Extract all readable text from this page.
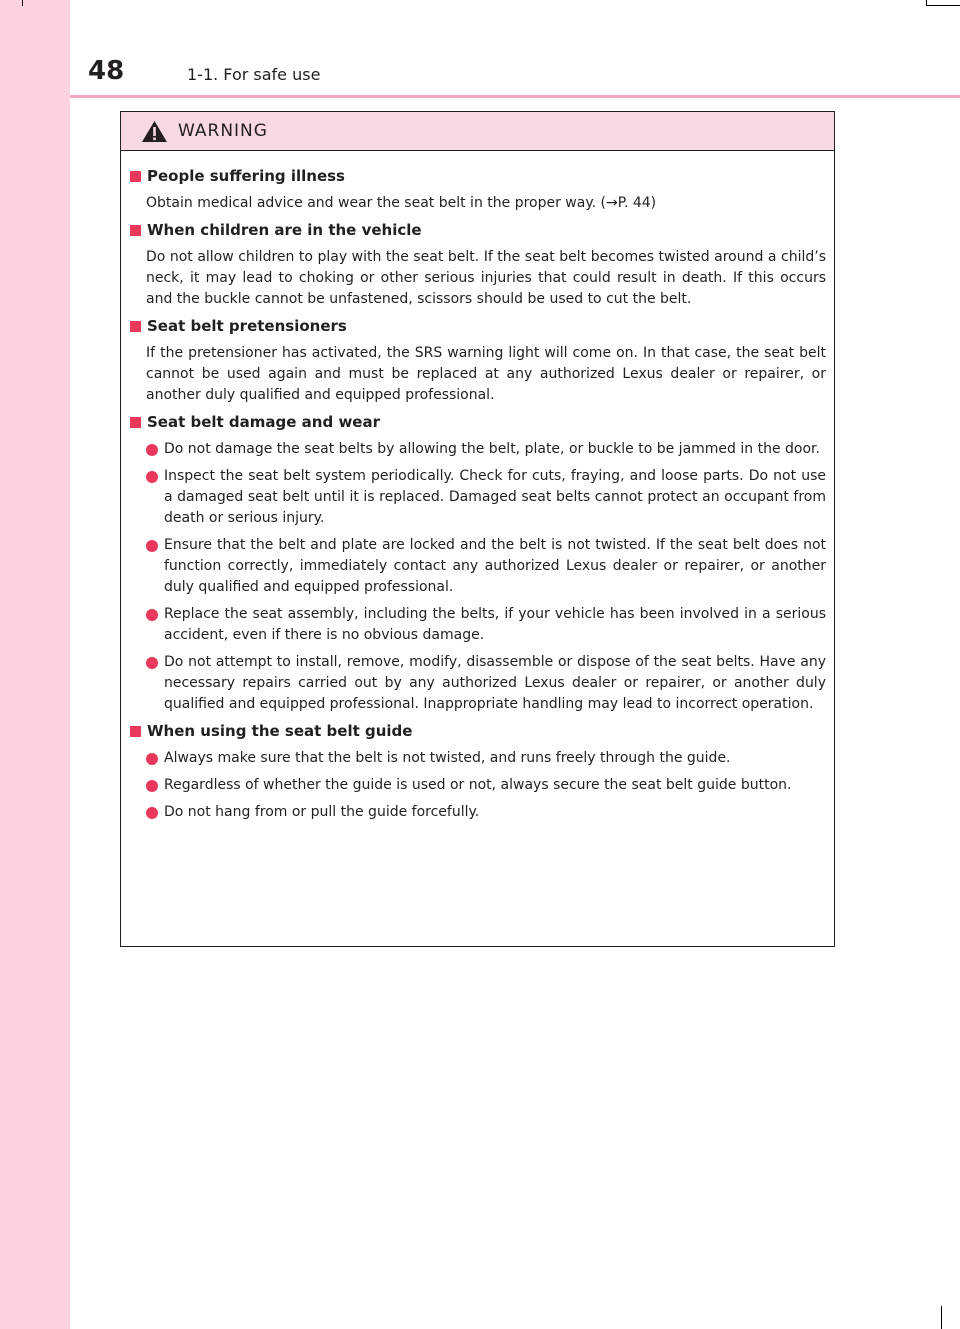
48	1-1. For safe use
WARNING
People suffering illness
Obtain medical advice and wear the seat belt in the proper way. (→P. 44)
When children are in the vehicle
Do not allow children to play with the seat belt. If the seat belt becomes twisted around a child’s neck, it may lead to choking or other serious injuries that could result in death. If this occurs and the buckle cannot be unfastened, scissors should be used to cut the belt.
Seat belt pretensioners
If the pretensioner has activated, the SRS warning light will come on. In that case, the seat belt cannot be used again and must be replaced at any authorized Lexus dealer or repairer, or another duly qualified and equipped professional.
Seat belt damage and wear
Do not damage the seat belts by allowing the belt, plate, or buckle to be jammed in the door.
Inspect the seat belt system periodically. Check for cuts, fraying, and loose parts. Do not use a damaged seat belt until it is replaced. Damaged seat belts cannot protect an occupant from death or serious injury.
Ensure that the belt and plate are locked and the belt is not twisted. If the seat belt does not function correctly, immediately contact any authorized Lexus dealer or repairer, or another duly qualified and equipped professional.
Replace the seat assembly, including the belts, if your vehicle has been involved in a serious accident, even if there is no obvious damage.
Do not attempt to install, remove, modify, disassemble or dispose of the seat belts. Have any necessary repairs carried out by any authorized Lexus dealer or repairer, or another duly qualified and equipped professional. Inappropriate handling may lead to incorrect operation.
When using the seat belt guide
Always make sure that the belt is not twisted, and runs freely through the guide.
Regardless of whether the guide is used or not, always secure the seat belt guide button.
Do not hang from or pull the guide forcefully.
